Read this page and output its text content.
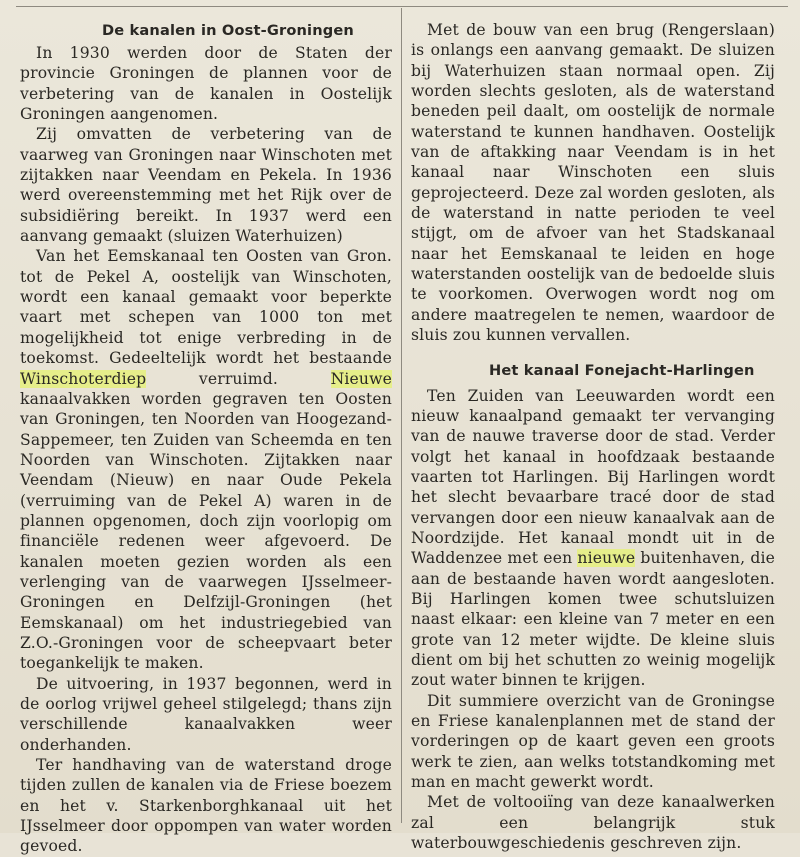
De kanalen in Oost-Groningen

In 1930 werden door de Staten der provincie Groningen de plannen voor de verbetering van de kanalen in Oostelijk Groningen aangenomen.

Zij omvatten de verbetering van de vaarweg van Groningen naar Winschoten met zijtakken naar Veendam en Pekela. In 1936 werd overeenstemming met het Rijk over de subsidiëring bereikt. In 1937 werd een aanvang gemaakt (sluizen Waterhuizen)

Van het Eemskanaal ten Oosten van Gron. tot de Pekel A, oostelijk van Winschoten, wordt een kanaal gemaakt voor beperkte vaart met schepen van 1000 ton met mogelijkheid tot enige verbreding in de toekomst. Gedeeltelijk wordt het bestaande Winschoterdiep verruimd. Nieuwe kanaalvakken worden gegraven ten Oosten van Groningen, ten Noorden van Hoogezand-Sappemeer, ten Zuiden van Scheemda en ten Noorden van Winschoten. Zijtakken naar Veendam (Nieuw) en naar Oude Pekela (verruiming van de Pekel A) waren in de plannen opgenomen, doch zijn voorlopig om financiële redenen weer afgevoerd. De kanalen moeten gezien worden als een verlenging van de vaarwegen IJsselmeer-Groningen en Delfzijl-Groningen (het Eemskanaal) om het industriegebied van Z.O.-Groningen voor de scheepvaart beter toegankelijk te maken.

De uitvoering, in 1937 begonnen, werd in de oorlog vrijwel geheel stilgelegd; thans zijn verschillende kanaalvakken weer onderhanden.

Ter handhaving van de waterstand droge tijden zullen de kanalen via de Friese boezem en het v. Starkenborghkanaal uit het IJsselmeer door oppompen van water worden gevoed.

Met de bouw van een brug (Rengerslaan) is onlangs een aanvang gemaakt. De sluizen bij Waterhuizen staan normaal open. Zij worden slechts gesloten, als de waterstand beneden peil daalt, om oostelijk de normale waterstand te kunnen handhaven. Oostelijk van de aftakking naar Veendam is in het kanaal naar Winschoten een sluis geprojecteerd. Deze zal worden gesloten, als de waterstand in natte perioden te veel stijgt, om de afvoer van het Stadskanaal naar het Eemskanaal te leiden en hoge waterstanden oostelijk van de bedoelde sluis te voorkomen. Overwogen wordt nog om andere maatregelen te nemen, waardoor de sluis zou kunnen vervallen.

Het kanaal Fonejacht-Harlingen

Ten Zuiden van Leeuwarden wordt een nieuw kanaalpand gemaakt ter vervanging van de nauwe traverse door de stad. Verder volgt het kanaal in hoofdzaak bestaande vaarten tot Harlingen. Bij Harlingen wordt het slecht bevaarbare tracé door de stad vervangen door een nieuw kanaalvak aan de Noordzijde. Het kanaal mondt uit in de Waddenzee met een nieuwe buitenhaven, die aan de bestaande haven wordt aangesloten. Bij Harlingen komen twee schutsluizen naast elkaar: een kleine van 7 meter en een grote van 12 meter wijdte. De kleine sluis dient om bij het schutten zo weinig mogelijk zout water binnen te krijgen.

Dit summiere overzicht van de Groningse en Friese kanalenplannen met de stand der vorderingen op de kaart geven een groots werk te zien, aan welks totstandkoming met man en macht gewerkt wordt.

Met de voltooiïng van deze kanaalwerken zal een belangrijk stuk waterbouwgeschiedenis geschreven zijn.
